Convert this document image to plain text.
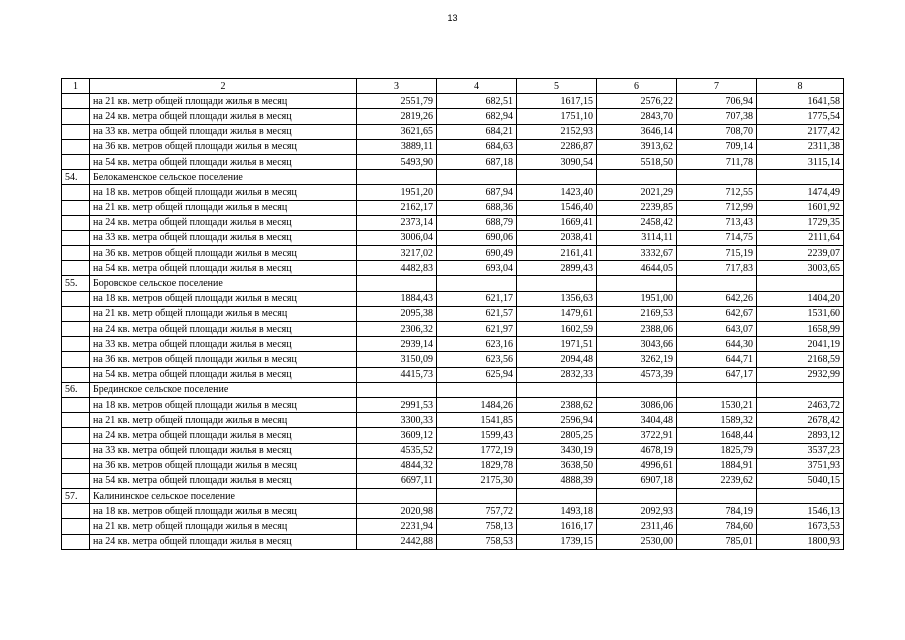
13
1	2	3	4	5	6	7	8
	на 21 кв. метр общей площади жилья в месяц	2551,79	682,51	1617,15	2576,22	706,94	1641,58
	на 24 кв. метра общей площади жилья в месяц	2819,26	682,94	1751,10	2843,70	707,38	1775,54
	на 33 кв. метра общей площади жилья в месяц	3621,65	684,21	2152,93	3646,14	708,70	2177,42
	на 36 кв. метров общей площади жилья в месяц	3889,11	684,63	2286,87	3913,62	709,14	2311,38
	на 54 кв. метра общей площади жилья в месяц	5493,90	687,18	3090,54	5518,50	711,78	3115,14
54.	Белокаменское сельское поселение						
	на 18 кв. метров общей площади жилья в месяц	1951,20	687,94	1423,40	2021,29	712,55	1474,49
	на 21 кв. метр общей площади жилья в месяц	2162,17	688,36	1546,40	2239,85	712,99	1601,92
	на 24 кв. метра общей площади жилья в месяц	2373,14	688,79	1669,41	2458,42	713,43	1729,35
	на 33 кв. метра общей площади жилья в месяц	3006,04	690,06	2038,41	3114,11	714,75	2111,64
	на 36 кв. метров общей площади жилья в месяц	3217,02	690,49	2161,41	3332,67	715,19	2239,07
	на 54 кв. метра общей площади жилья в месяц	4482,83	693,04	2899,43	4644,05	717,83	3003,65
55.	Боровское сельское поселение						
	на 18 кв. метров общей площади жилья в месяц	1884,43	621,17	1356,63	1951,00	642,26	1404,20
	на 21 кв. метр общей площади жилья в месяц	2095,38	621,57	1479,61	2169,53	642,67	1531,60
	на 24 кв. метра общей площади жилья в месяц	2306,32	621,97	1602,59	2388,06	643,07	1658,99
	на 33 кв. метра общей площади жилья в месяц	2939,14	623,16	1971,51	3043,66	644,30	2041,19
	на 36 кв. метров общей площади жилья в месяц	3150,09	623,56	2094,48	3262,19	644,71	2168,59
	на 54 кв. метра общей площади жилья в месяц	4415,73	625,94	2832,33	4573,39	647,17	2932,99
56.	Брединское сельское поселение						
	на 18 кв. метров общей площади жилья в месяц	2991,53	1484,26	2388,62	3086,06	1530,21	2463,72
	на 21 кв. метр общей площади жилья в месяц	3300,33	1541,85	2596,94	3404,48	1589,32	2678,42
	на 24 кв. метра общей площади жилья в месяц	3609,12	1599,43	2805,25	3722,91	1648,44	2893,12
	на 33 кв. метра общей площади жилья в месяц	4535,52	1772,19	3430,19	4678,19	1825,79	3537,23
	на 36 кв. метров общей площади жилья в месяц	4844,32	1829,78	3638,50	4996,61	1884,91	3751,93
	на 54 кв. метра общей площади жилья в месяц	6697,11	2175,30	4888,39	6907,18	2239,62	5040,15
57.	Калининское сельское поселение						
	на 18 кв. метров общей площади жилья в месяц	2020,98	757,72	1493,18	2092,93	784,19	1546,13
	на 21 кв. метр общей площади жилья в месяц	2231,94	758,13	1616,17	2311,46	784,60	1673,53
	на 24 кв. метра общей площади жилья в месяц	2442,88	758,53	1739,15	2530,00	785,01	1800,93
